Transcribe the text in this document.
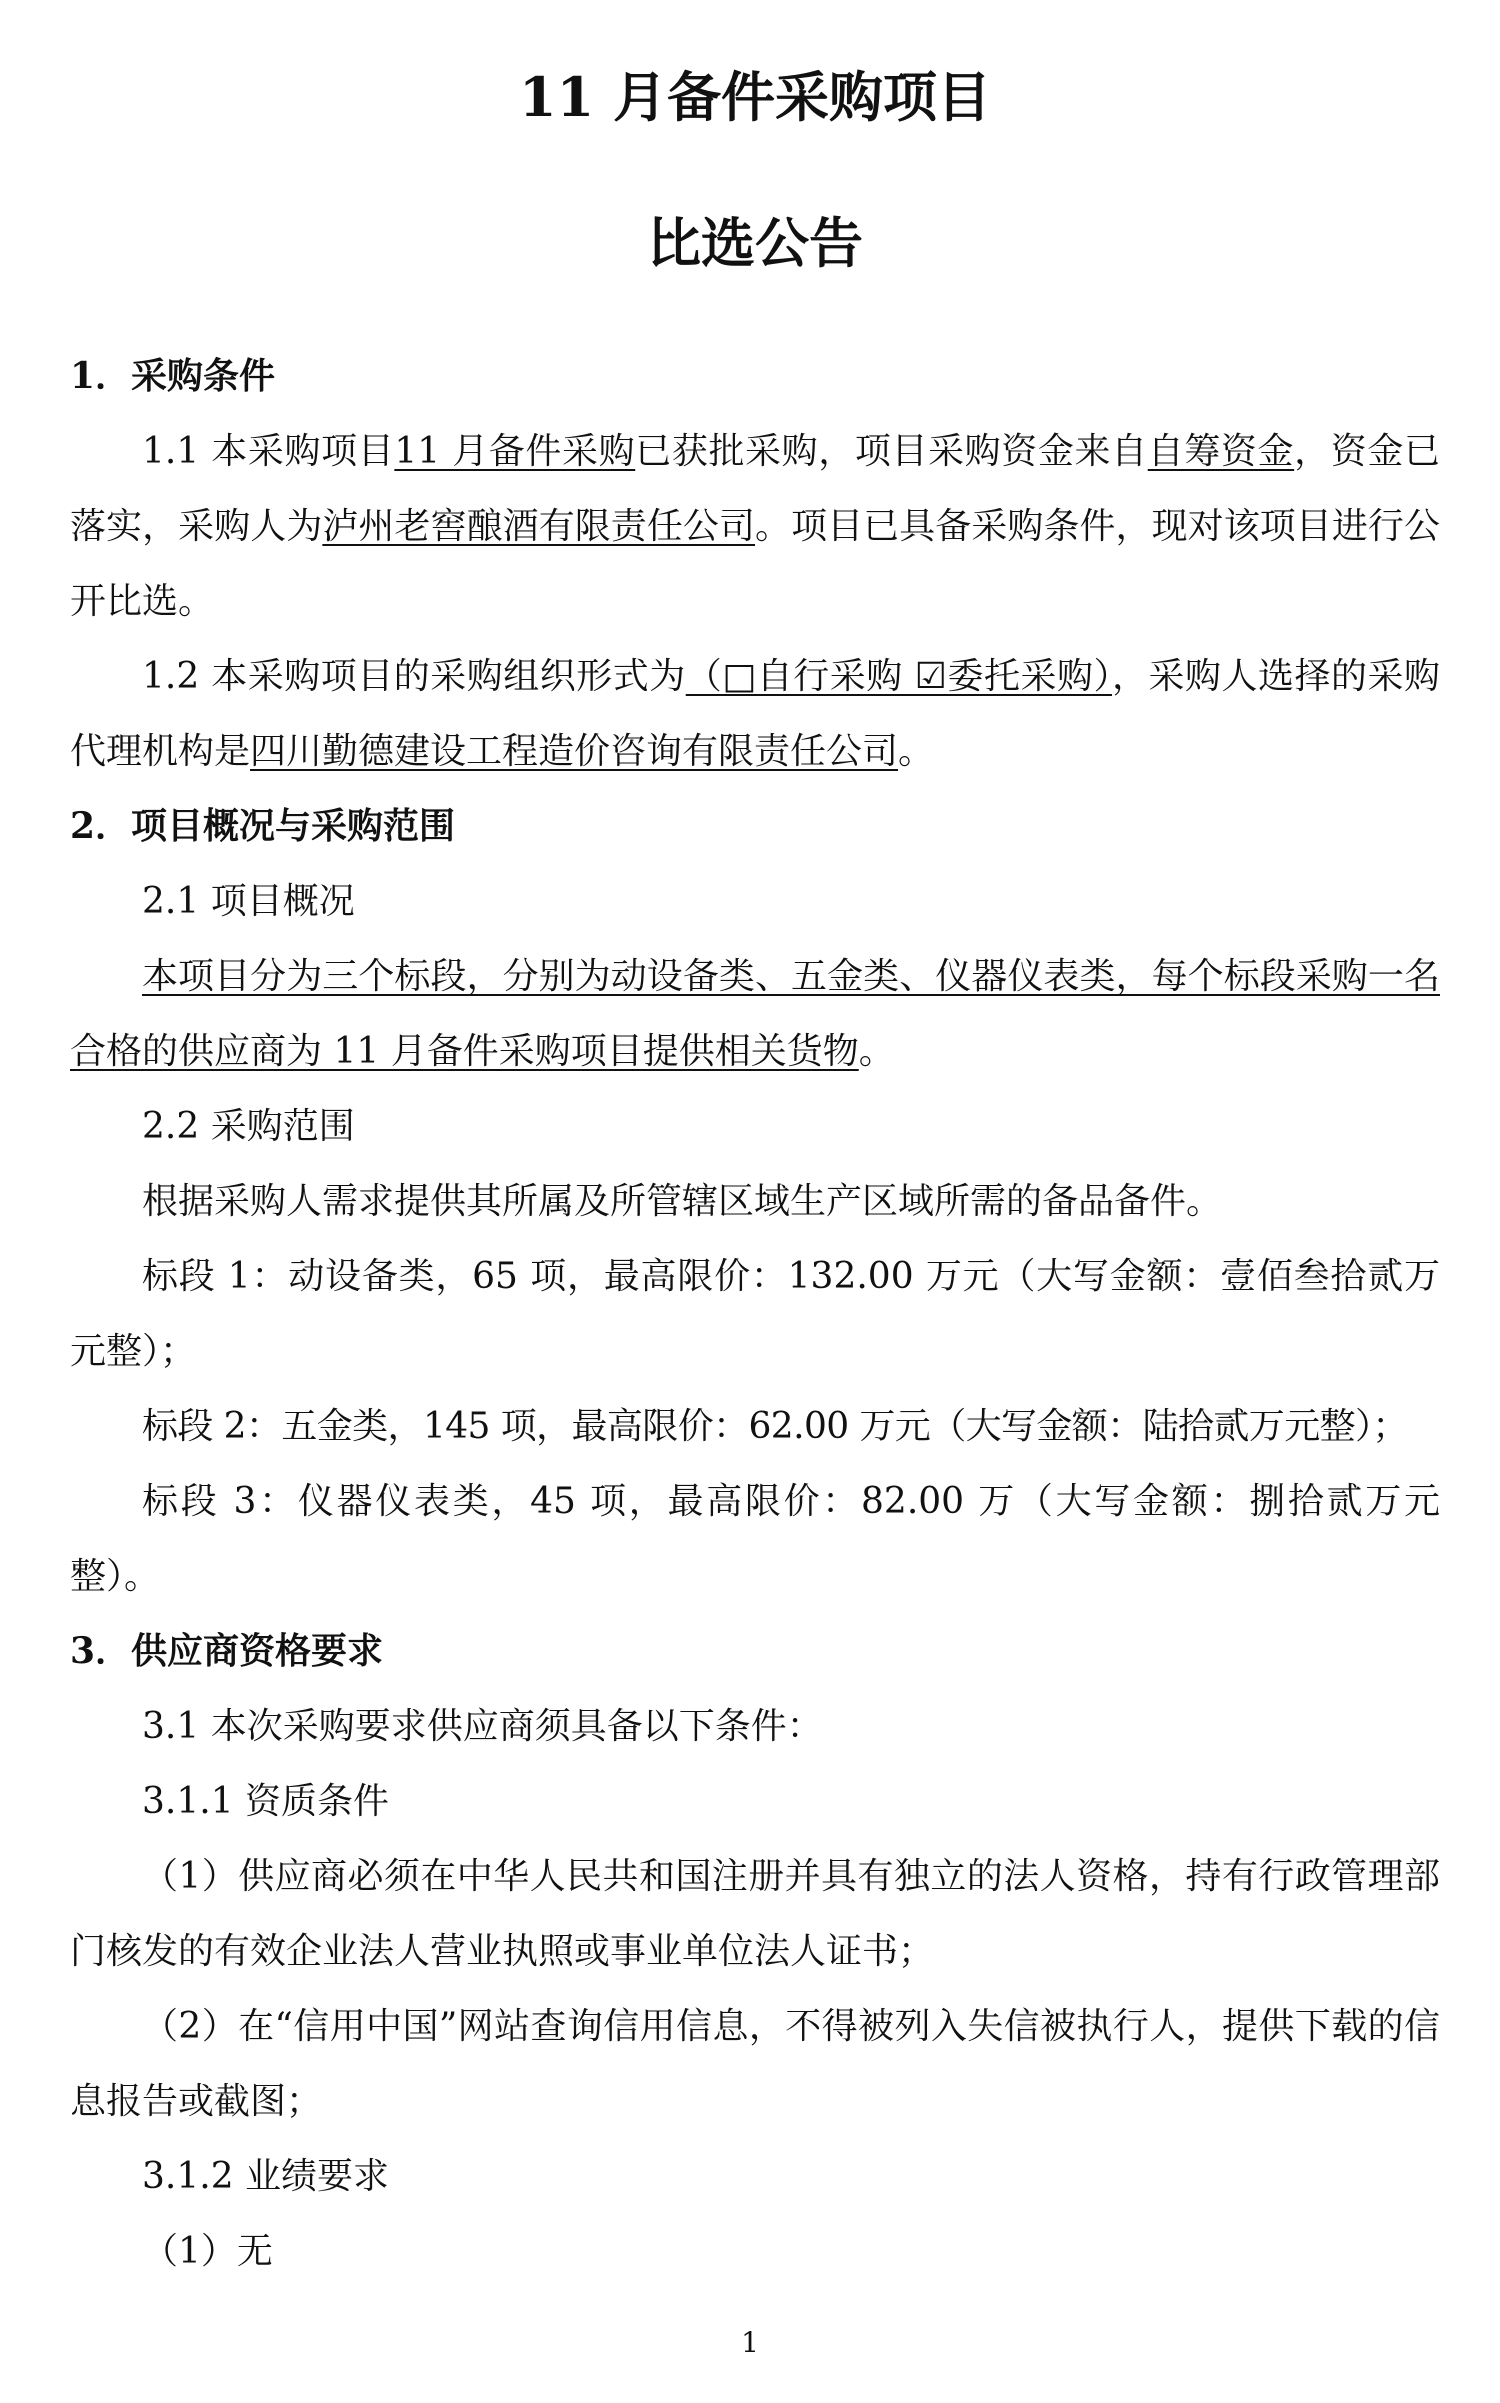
11 月备件采购项目
比选公告
1．采购条件

1.1 本采购项目11 月备件采购已获批采购，项目采购资金来自自筹资金，资金已落实，采购人为泸州老窖酿酒有限责任公司。项目已具备采购条件，现对该项目进行公开比选。

1.2 本采购项目的采购组织形式为（□自行采购 ☑委托采购），采购人选择的采购代理机构是四川勤德建设工程造价咨询有限责任公司。

2．项目概况与采购范围

2.1 项目概况

本项目分为三个标段，分别为动设备类、五金类、仪器仪表类，每个标段采购一名合格的供应商为 11 月备件采购项目提供相关货物。

2.2 采购范围

根据采购人需求提供其所属及所管辖区域生产区域所需的备品备件。

标段 1：动设备类，65 项，最高限价：132.00 万元（大写金额：壹佰叁拾贰万元整）；

标段 2：五金类，145 项，最高限价：62.00 万元（大写金额：陆拾贰万元整）；

标段 3：仪器仪表类，45 项，最高限价：82.00 万（大写金额：捌拾贰万元整）。

3．供应商资格要求

3.1 本次采购要求供应商须具备以下条件：

3.1.1 资质条件

（1）供应商必须在中华人民共和国注册并具有独立的法人资格，持有行政管理部门核发的有效企业法人营业执照或事业单位法人证书；

（2）在“信用中国”网站查询信用信息，不得被列入失信被执行人，提供下载的信息报告或截图；

3.1.2 业绩要求

（1）无

1
